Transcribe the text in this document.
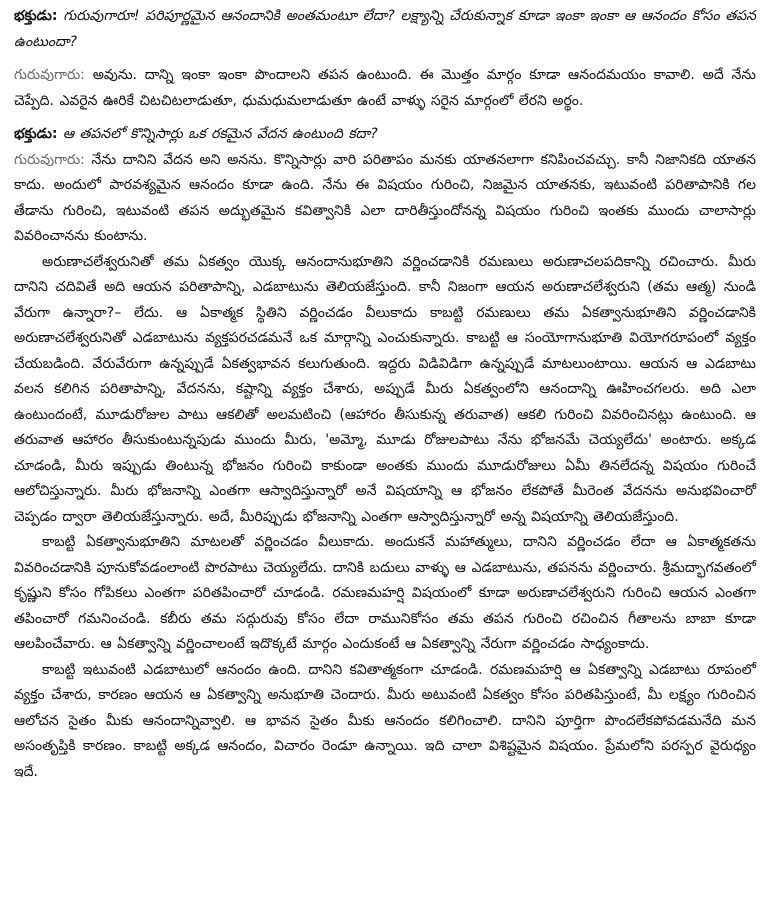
భక్తుడు: గురువుగారూ! పరిపూర్ణమైన ఆనందానికి అంతమంటూ లేదా? లక్ష్యాన్ని చేరుకున్నాక కూడా ఇంకా ఇంకా ఆ ఆనందం కోసం తపన ఉంటుందా?

గురువుగారు: అవును. దాన్ని ఇంకా ఇంకా పొందాలని తపన ఉంటుంది. ఈ మొత్తం మార్గం కూడా ఆనందమయం కావాలి. అదే నేను చెప్పేది. ఎవరైన ఊరికే చిటచిటలాడుతూ, ధుమధుమలాడుతూ ఉంటే వాళ్ళు సరైన మార్గంలో లేరని అర్థం.

భక్తుడు: ఆ తపనలో కొన్నిసార్లు ఒక రకమైన వేదన ఉంటుంది కదా?

గురువుగారు: నేను దానిని వేదన అని అనను. కొన్నిసార్లు వారి పరితాపం మనకు యాతనలాగా కనిపించవచ్చు. కానీ నిజానికది యాతన కాదు. అందులో పారవశ్యమైన ఆనందం కూడా ఉంది. నేను ఈ విషయం గురించి, నిజమైన యాతనకు, ఇటువంటి పరితాపానికి గల తేడాను గురించి, ఇటువంటి తపన అద్భుతమైన కవిత్వానికి ఎలా దారితీస్తుందోనన్న విషయం గురించి ఇంతకు ముందు చాలాసార్లు వివరించానను కుంటాను.

అరుణాచలేశ్వరునితో తమ ఏకత్వం యొక్క ఆనందానుభూతిని వర్ణించడానికి రమణులు అరుణాచలపదికాన్ని రచించారు. మీరు దానిని చదివితే అది ఆయన పరితాపాన్ని, ఎడబాటును తెలియజేస్తుంది. కానీ నిజంగా ఆయన అరుణాచలేశ్వరుని (తమ ఆత్మ) నుండి వేరుగా ఉన్నారా?– లేదు. ఆ ఏకాత్మక స్థితిని వర్ణించడం వీలుకాదు కాబట్టి రమణులు తమ ఏకత్వానుభూతిని వర్ణించడానికి అరుణాచలేశ్వరునితో ఎడబాటును వ్యక్తపరచడమనే ఒక మార్గాన్ని ఎంచుకున్నారు. కాబట్టి ఆ సంయోగానుభూతి వియోగరూపంలో వ్యక్తం చేయబడింది. వేరువేరుగా ఉన్నప్పుడే ఏకత్వభావన కలుగుతుంది. ఇద్దరు విడివిడిగా ఉన్నప్పుడే మాటలుంటాయి. ఆయన ఆ ఎడబాటు వలన కలిగిన పరితాపాన్ని, వేదనను, కష్టాన్ని వ్యక్తం చేశారు, అప్పుడే మీరు ఏకత్వంలోని ఆనందాన్ని ఊహించగలరు. అది ఎలా ఉంటుందంటే, మూడురోజుల పాటు ఆకలితో అలమటించి (ఆహారం తీసుకున్న తరువాత) ఆకలి గురించి వివరించినట్లు ఉంటుంది. ఆ తరువాత ఆహారం తీసుకుంటున్నపుడు ముందు మీరు, 'అమ్మో, మూడు రోజులపాటు నేను భోజనమే చెయ్యలేదు' అంటారు. అక్కడ చూడండి, మీరు ఇప్పుడు తింటున్న భోజనం గురించి కాకుండా అంతకు ముందు మూడురోజులు ఏమీ తినలేదన్న విషయం గురించే ఆలోచిస్తున్నారు. మీరు భోజనాన్ని ఎంతగా ఆస్వాదిస్తున్నారో అనే విషయాన్ని ఆ భోజనం లేకపోతే మీరెంత వేదనను అనుభవించారో చెప్పడం ద్వారా తెలియజేస్తున్నారు. అదే, మీరిప్పుడు భోజనాన్ని ఎంతగా ఆస్వాదిస్తున్నారో అన్న విషయాన్ని తెలియజేస్తుంది.

కాబట్టి ఏకత్వానుభూతిని మాటలతో వర్ణించడం వీలుకాదు. అందుకనే మహాత్ములు, దానిని వర్ణించడం లేదా ఆ ఏకాత్మకతను వివరించడానికి పూనుకోవడంలాంటి పొరపాటు చెయ్యలేదు. దానికి బదులు వాళ్ళు ఆ ఎడబాటును, తపనను వర్ణించారు. శ్రీమద్భాగవతంలో కృష్ణుని కోసం గోపికలు ఎంతగా పరితపించారో చూడండి. రమణమహర్షి విషయంలో కూడా అరుణాచలేశ్వరుని గురించి ఆయన ఎంతగా తపించారో గమనించండి. కబీరు తమ సద్గురువు కోసం లేదా రామునికోసం తమ తపన గురించి రచించిన గీతాలను బాబా కూడా ఆలపించేవారు. ఆ ఏకత్వాన్ని వర్ణించాలంటే ఇదొక్కటే మార్గం ఎందుకంటే ఆ ఏకత్వాన్ని నేరుగా వర్ణించడం సాధ్యంకాదు.

కాబట్టి ఇటువంటి ఎడబాటులో ఆనందం ఉంది. దానిని కవితాత్మకంగా చూడండి. రమణమహర్షి ఆ ఏకత్వాన్ని ఎడబాటు రూపంలో వ్యక్తం చేశారు, కారణం ఆయన ఆ ఏకత్వాన్ని అనుభూతి చెందారు. మీరు అటువంటి ఏకత్వం కోసం పరితపిస్తుంటే, మీ లక్ష్యం గురించిన ఆలోచన సైతం మీకు ఆనందాన్నివ్వాలి. ఆ భావన సైతం మీకు ఆనందం కలిగించాలి. దానిని పూర్తిగా పొందలేకపోవడమనేది మన అసంతృప్తికి కారణం. కాబట్టి అక్కడ ఆనందం, విచారం రెండూ ఉన్నాయి. ఇది చాలా విశిష్టమైన విషయం. ప్రేమలోని పరస్పర వైరుధ్యం ఇదే.
